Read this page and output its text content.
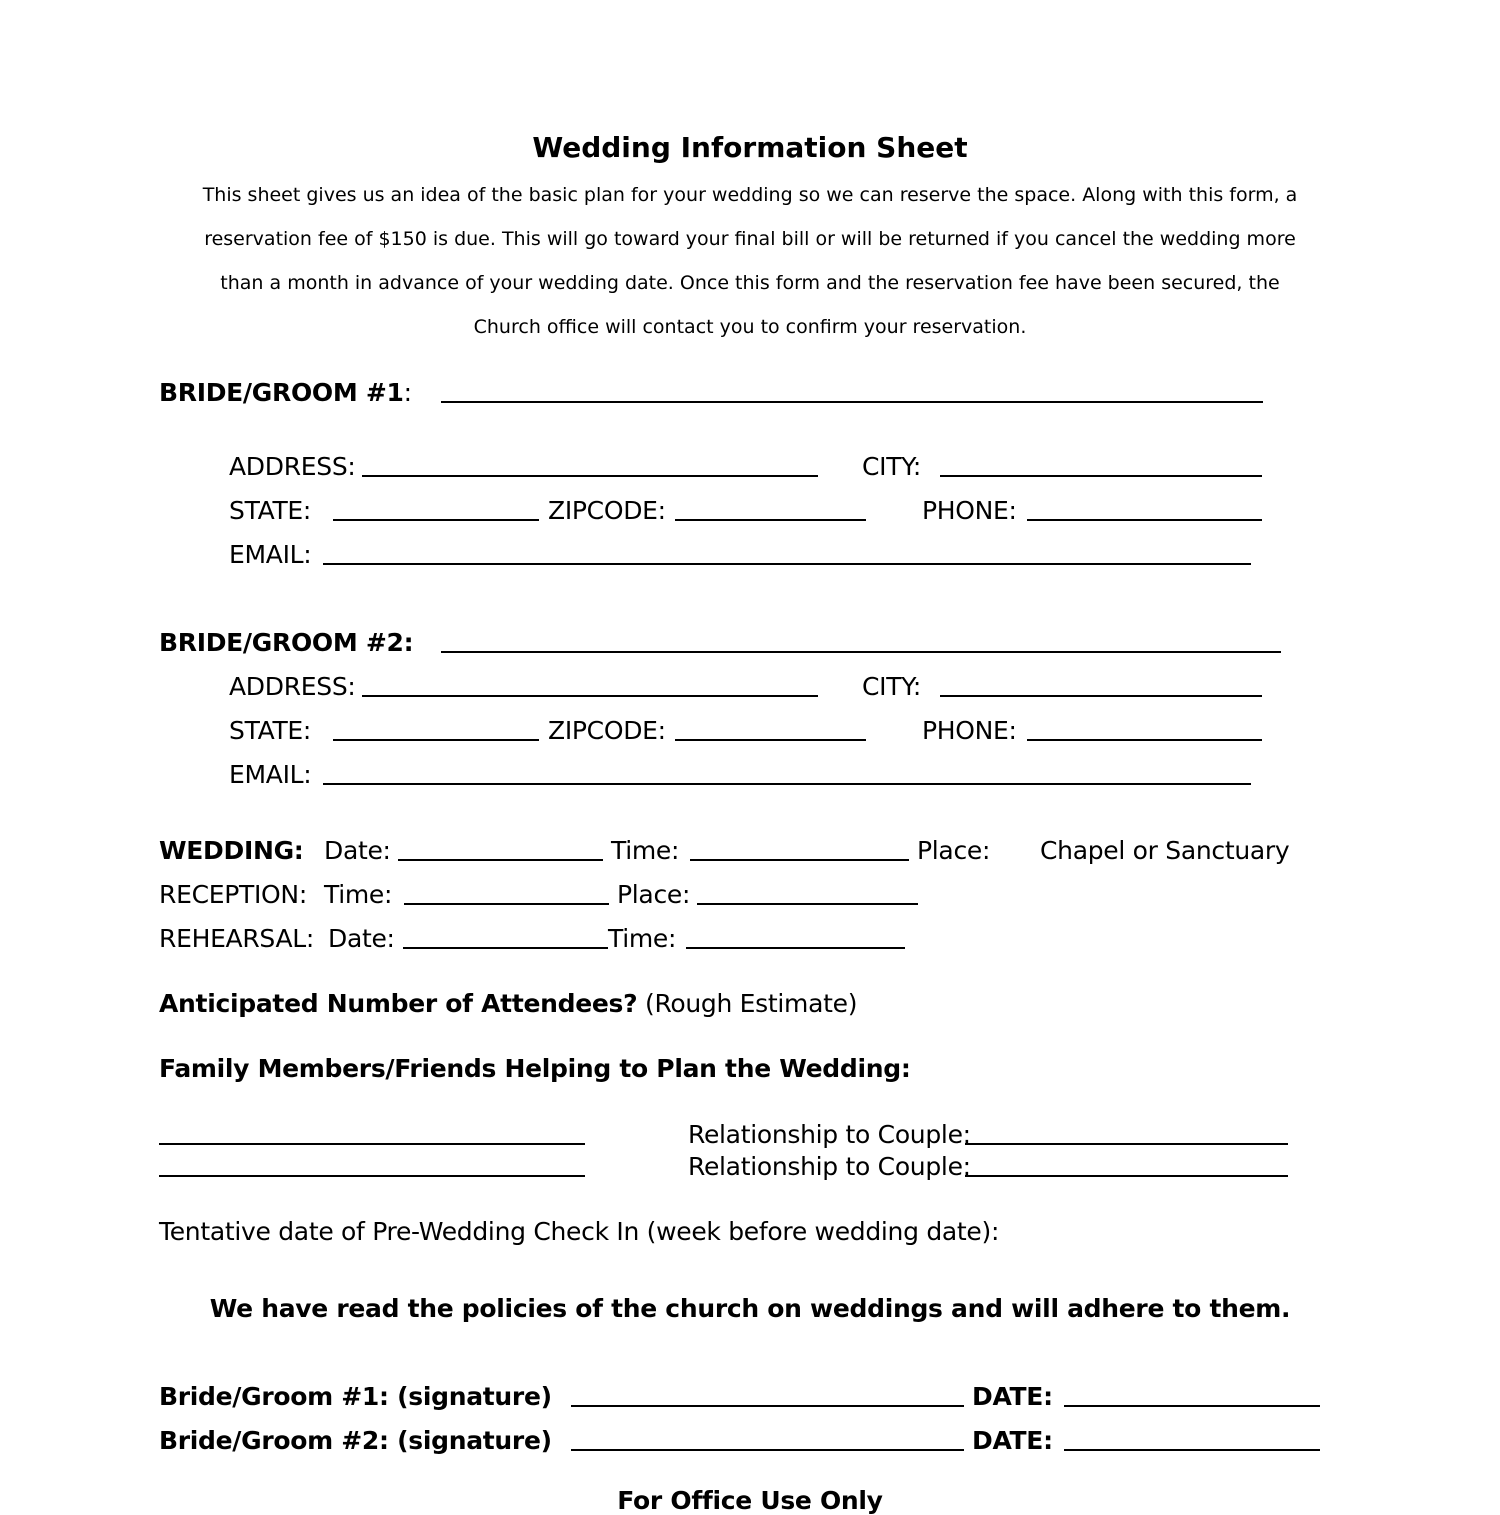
Wedding Information Sheet
This sheet gives us an idea of the basic plan for your wedding so we can reserve the space. Along with this form, a
reservation fee of $150 is due. This will go toward your final bill or will be returned if you cancel the wedding more
than a month in advance of your wedding date. Once this form and the reservation fee have been secured, the
Church office will contact you to confirm your reservation.
BRIDE/GROOM #1:
ADDRESS:	CITY:
STATE:	ZIPCODE:	PHONE:
EMAIL:
BRIDE/GROOM #2:
ADDRESS:	CITY:
STATE:	ZIPCODE:	PHONE:
EMAIL:
WEDDING: Date:	Time:	Place: Chapel or Sanctuary
RECEPTION: Time:	Place:
REHEARSAL: Date:	Time:
Anticipated Number of Attendees? (Rough Estimate)
Family Members/Friends Helping to Plan the Wedding:
Relationship to Couple:
Relationship to Couple:
Tentative date of Pre-Wedding Check In (week before wedding date):
We have read the policies of the church on weddings and will adhere to them.
Bride/Groom #1: (signature)	DATE:
Bride/Groom #2: (signature)	DATE:
For Office Use Only
